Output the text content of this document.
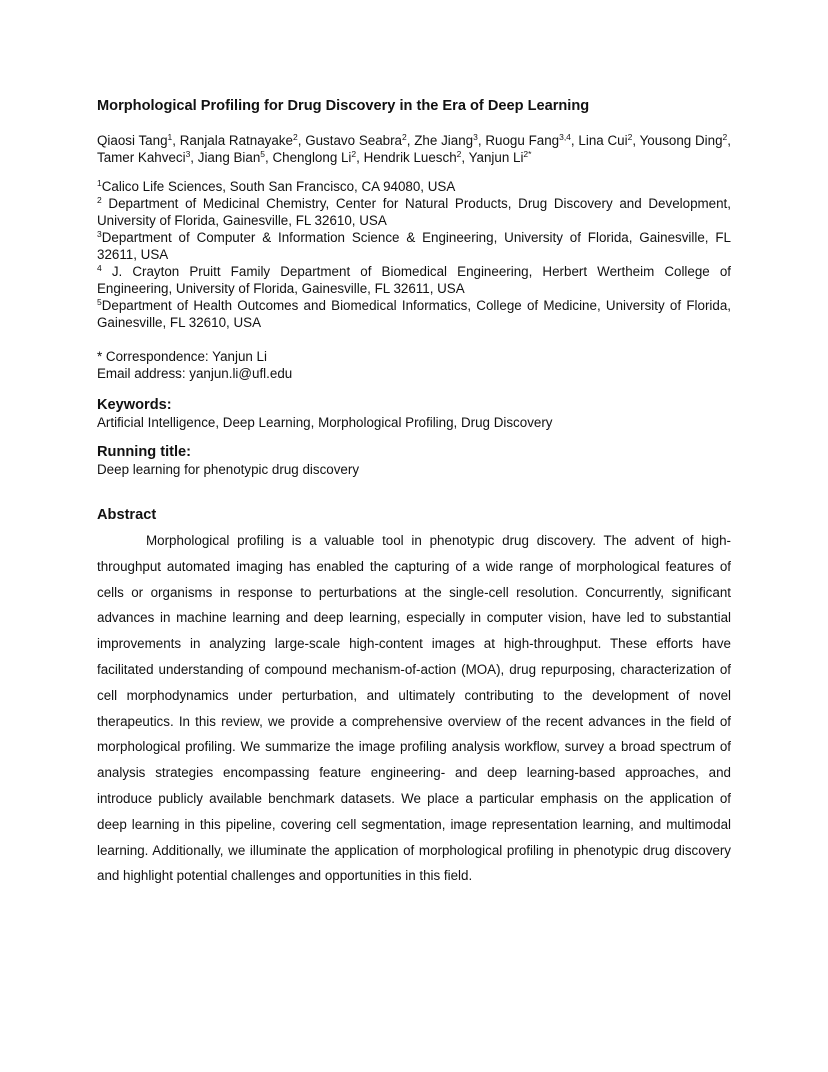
Morphological Profiling for Drug Discovery in the Era of Deep Learning
Qiaosi Tang$^1$, Ranjala Ratnayake$^2$, Gustavo Seabra$^2$, Zhe Jiang$^3$, Ruogu Fang$^{3,4}$, Lina Cui$^2$, Yousong Ding$^2$, Tamer Kahveci$^3$, Jiang Bian$^5$, Chenglong Li$^2$, Hendrik Luesch$^2$, Yanjun $Li^{2*}$
$^1$Calico Life Sciences, South San Francisco, CA 94080, USA
$^2$ Department of Medicinal Chemistry, Center for Natural Products, Drug Discovery and Development, University of Florida, Gainesville, FL 32610, USA
$^3$Department of Computer & Information Science & Engineering, University of Florida, Gainesville, FL 32611, USA
$^4$ J. Crayton Pruitt Family Department of Biomedical Engineering, Herbert Wertheim College of Engineering, University of Florida, Gainesville, FL 32611, USA
$^5$Department of Health Outcomes and Biomedical Informatics, College of Medicine, University of Florida, Gainesville, FL 32610, USA
* Correspondence: Yanjun Li
Email address: yanjun.li@ufl.edu
Keywords:
Artificial Intelligence, Deep Learning, Morphological Profiling, Drug Discovery
Running title:
Deep learning for phenotypic drug discovery
Abstract

Morphological profiling is a valuable tool in phenotypic drug discovery. The advent of high-throughput automated imaging has enabled the capturing of a wide range of morphological features of cells or organisms in response to perturbations at the single-cell resolution. Concurrently, significant advances in machine learning and deep learning, especially in computer vision, have led to substantial improvements in analyzing large-scale high-content images at high-throughput. These efforts have facilitated understanding of compound mechanism-of-action (MOA), drug repurposing, characterization of cell morphodynamics under perturbation, and ultimately contributing to the development of novel therapeutics. In this review, we provide a comprehensive overview of the recent advances in the field of morphological profiling. We summarize the image profiling analysis workflow, survey a broad spectrum of analysis strategies encompassing feature engineering- and deep learning-based approaches, and introduce publicly available benchmark datasets. We place a particular emphasis on the application of deep learning in this pipeline, covering cell segmentation, image representation learning, and multimodal learning. Additionally, we illuminate the application of morphological profiling in phenotypic drug discovery and highlight potential challenges and opportunities in this field.
